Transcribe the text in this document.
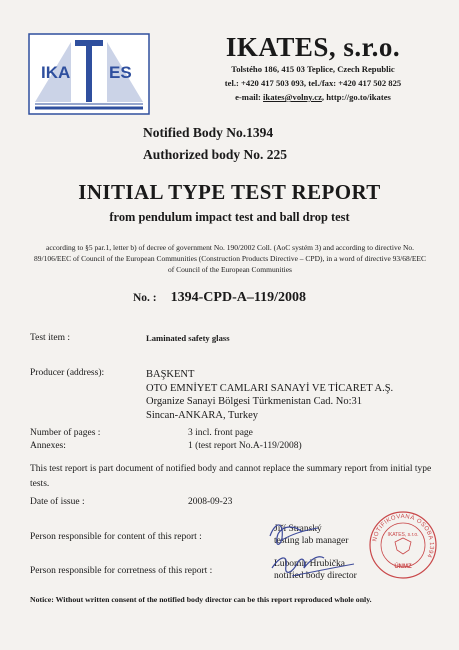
IKA
T
ES
IKATES, s.r.o.
Tolstého 186, 415 03 Teplice, Czech Republic
tel.: +420 417 503 093, tel./fax: +420 417 502 825
e-mail: ikates@volny.cz, http://go.to/ikates
Notified Body No.1394
Authorized body No. 225
INITIAL TYPE TEST REPORT
from pendulum impact test and ball drop test
according to §5 par.1, letter b) of decree of government No. 190/2002 Coll. (AoC systém 3) and according to directive No. 89/106/EEC of Council of the European Communities (Construction Products Directive – CPD), in a word of directive 93/68/EEC of Council of the European Communities
No. : 1394-CPD-A–119/2008
Test item :	Laminated safety glass
Producer (address):	BAŞKENT
OTO EMNİYET CAMLARI SANAYİ VE TİCARET A.Ş.
Organize Sanayi Bölgesi Türkmenistan Cad. No:31
Sincan-ANKARA, Turkey
Number of pages :	3 incl. front page
Annexes:	1 (test report No.A-119/2008)
This test report is part document of notified body and cannot replace the summary report from initial type tests.
Date of issue :	2008-09-23
Person responsible for content of this report :
Jiří Stranský
testing lab manager
Person responsible for corretness of this report :
Lubomír Hrubička
notified body director
NOTIFIKOVANÁ OSOBA 1394
IKATES, s.r.o.
ÚNMZ
Notice: Without written consent of the notified body director can be this report reproduced whole only.
